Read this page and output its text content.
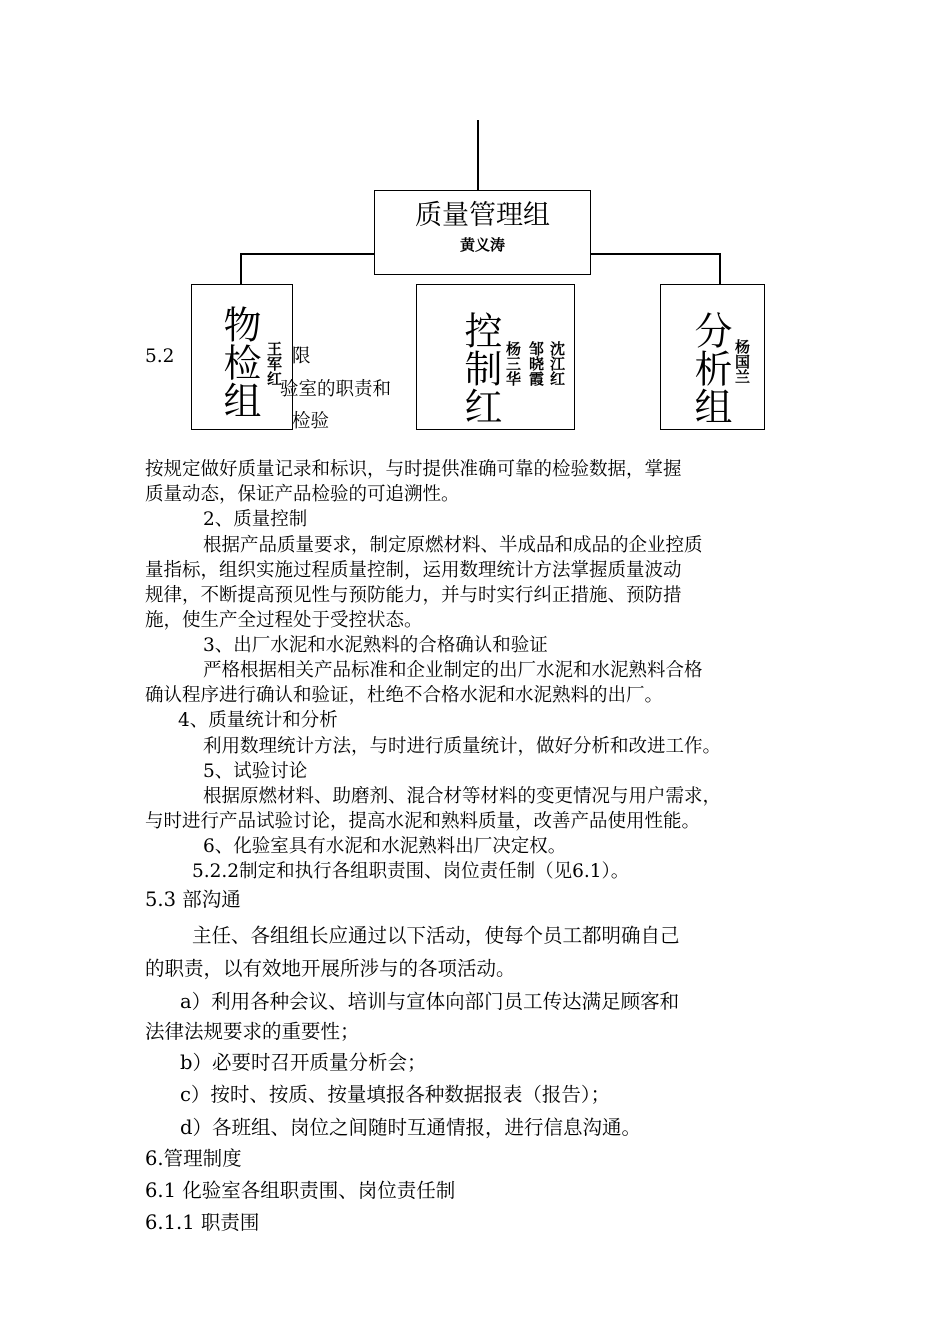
质量管理组
黄义涛
物检组 王军红	控制红	沈江红
邹晓霞
杨三华	分析组 杨国兰
5.2	限
验室的职责和
检验
根据有关标准和规定，对原燃材料、半成品、成品进行检验。
按规定做好质量记录和标识，与时提供准确可靠的检验数据，掌握
质量动态，保证产品检验的可追溯性。
2、质量控制
根据产品质量要求，制定原燃材料、半成品和成品的企业控质
量指标，组织实施过程质量控制，运用数理统计方法掌握质量波动
规律，不断提高预见性与预防能力，并与时实行纠正措施、预防措
施，使生产全过程处于受控状态。
3、出厂水泥和水泥熟料的合格确认和验证
严格根据相关产品标准和企业制定的出厂水泥和水泥熟料合格
确认程序进行确认和验证，杜绝不合格水泥和水泥熟料的出厂。
4、质量统计和分析
利用数理统计方法，与时进行质量统计，做好分析和改进工作。
5、试验讨论
根据原燃材料、助磨剂、混合材等材料的变更情况与用户需求，
与时进行产品试验讨论，提高水泥和熟料质量，改善产品使用性能。
6、化验室具有水泥和水泥熟料出厂决定权。
5.2.2制定和执行各组职责围、岗位责任制（见6.1）。
5.3 部沟通
主任、各组组长应通过以下活动，使每个员工都明确自己
的职责，以有效地开展所涉与的各项活动。
a）利用各种会议、培训与宣体向部门员工传达满足顾客和
法律法规要求的重要性；
b）必要时召开质量分析会；
c）按时、按质、按量填报各种数据报表（报告）；
d）各班组、岗位之间随时互通情报，进行信息沟通。
6.管理制度
6.1 化验室各组职责围、岗位责任制
6.1.1 职责围
